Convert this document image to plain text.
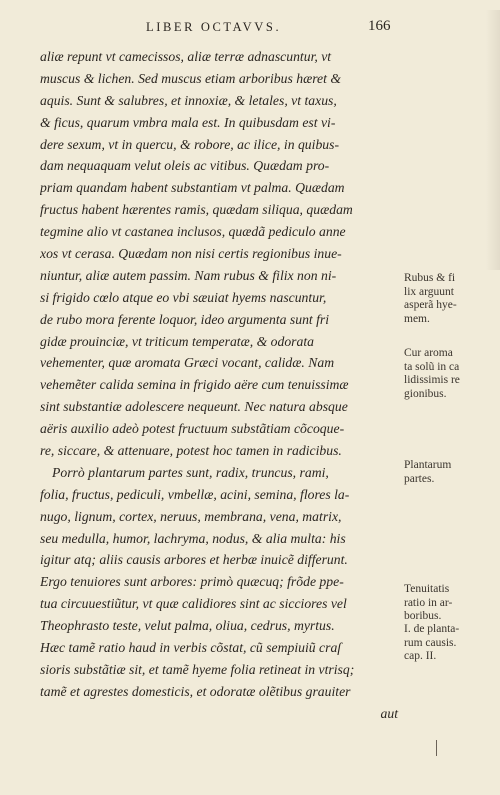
LIBER OCTAVVS.	166
aliæ repunt vt camecissos, aliæ terræ adnascuntur, vt
muscus & lichen. Sed muscus etiam arboribus hæret &
aquis. Sunt & salubres, et innoxiæ, & letales, vt taxus,
& ficus, quarum vmbra mala est. In quibusdam est vi-
dere sexum, vt in quercu, & robore, ac ilice, in quibus-
dam nequaquam velut oleis ac vitibus. Quædam pro-
priam quandam habent substantiam vt palma. Quædam
fructus habent hærentes ramis, quædam siliqua, quædam
tegmine alio vt castanea inclusos, quædã pediculo anne
xos vt cerasa. Quædam non nisi certis regionibus inue-
niuntur, aliæ autem passim. Nam rubus & filix non ni-
si frigido cœlo atque eo vbi sæuiat hyems nascuntur,
de rubo mora ferente loquor, ideo argumenta sunt fri
gidæ prouinciæ, vt triticum temperatæ, & odorata
vehementer, quæ aromata Græci vocant, calidæ. Nam
vehemẽter calida semina in frigido aëre cum tenuissimæ
sint substantiæ adolescere nequeunt. Nec natura absque
aëris auxilio adeò potest fructuum substãtiam cõcoque-
re, siccare, & attenuare, potest hoc tamen in radicibus.
Porrò plantarum partes sunt, radix, truncus, rami,
folia, fructus, pediculi, vmbellæ, acini, semina, flores la-
nugo, lignum, cortex, neruus, membrana, vena, matrix,
seu medulla, humor, lachryma, nodus, & alia multa: his
igitur atq; aliis causis arbores et herbæ inuicẽ differunt.
Ergo tenuiores sunt arbores: primò quæcuq; frõde ppe-
tua circuuestiũtur, vt quæ calidiores sint ac sicciores vel
Theophrasto teste, velut palma, oliua, cedrus, myrtus.
Hæc tamẽ ratio haud in verbis cõstat, cũ sempiuiũ craſ
sioris substãtiæ sit, et tamẽ hyeme folia retineat in vtrisq;
tamẽ et agrestes domesticis, et odoratæ olẽtibus grauiter
aut
Rubus & fi
lix arguunt
asperã hye-
mem.
Cur aroma
ta solũ in ca
lidissimis re
gionibus.
Plantarum
partes.
Tenuitatis
ratio in ar-
boribus.
I. de planta-
rum causis.
cap. II.
